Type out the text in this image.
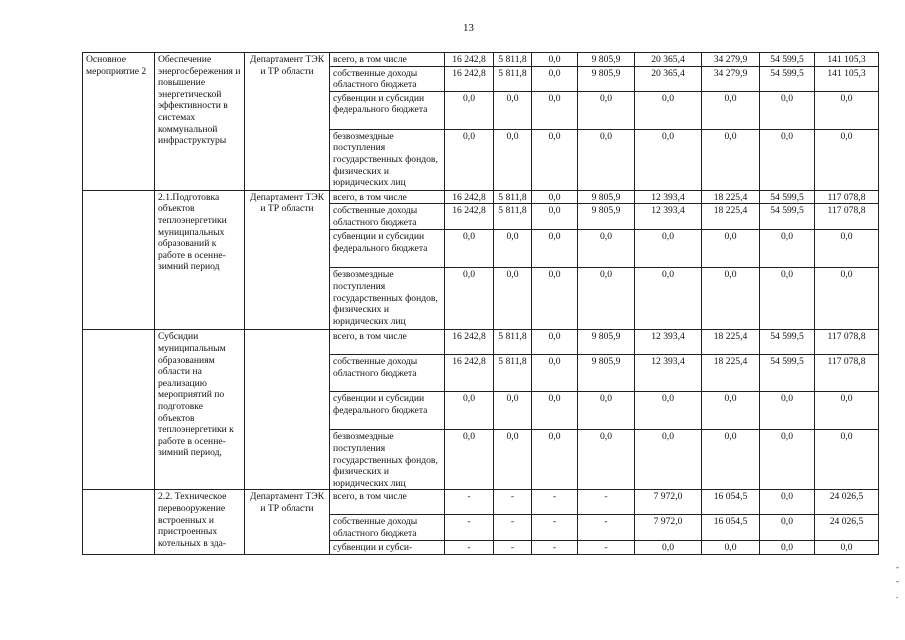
13
Основное мероприятие 2	Обеспечение энергосбережения и повышение энергетической эффективности в системах коммунальной инфраструктуры	Департамент ТЭК и ТР области	всего, в том числе	16 242,8	5 811,8	0,0	9 805,9	20 365,4	34 279,9	54 599,5	141 105,3
			собственные доходы областного бюджета	16 242,8	5 811,8	0,0	9 805,9	20 365,4	34 279,9	54 599,5	141 105,3
			субвенции и субсидии федерального бюджета	0,0	0,0	0,0	0,0	0,0	0,0	0,0	0,0
			безвозмездные поступления государственных фондов, физических и юридических лиц	0,0	0,0	0,0	0,0	0,0	0,0	0,0	0,0
	2.1.Подготовка объектов теплоэнергетики муниципальных образований к работе в осенне-зимний период	Департамент ТЭК и ТР области	всего, в том числе	16 242,8	5 811,8	0,0	9 805,9	12 393,4	18 225,4	54 599,5	117 078,8
			собственные доходы областного бюджета	16 242,8	5 811,8	0,0	9 805,9	12 393,4	18 225,4	54 599,5	117 078,8
			субвенции и субсидии федерального бюджета	0,0	0,0	0,0	0,0	0,0	0,0	0,0	0,0
			безвозмездные поступления государственных фондов, физических и юридических лиц	0,0	0,0	0,0	0,0	0,0	0,0	0,0	0,0
	Субсидии муниципальным образованиям области на реализацию мероприятий по подготовке объектов теплоэнергетики к работе в осенне-зимний период,		всего, в том числе	16 242,8	5 811,8	0,0	9 805,9	12 393,4	18 225,4	54 599,5	117 078,8
			собственные доходы областного бюджета	16 242,8	5 811,8	0,0	9 805,9	12 393,4	18 225,4	54 599,5	117 078,8
			субвенции и субсидии федерального бюджета	0,0	0,0	0,0	0,0	0,0	0,0	0,0	0,0
			безвозмездные поступления государственных фондов, физических и юридических лиц	0,0	0,0	0,0	0,0	0,0	0,0	0,0	0,0
	2.2. Техническое перевооружение встроенных и пристроенных котельных в зда-	Департамент ТЭК и ТР области	всего, в том числе	-	-	-	-	7 972,0	16 054,5	0,0	24 026,5
			собственные доходы областного бюджета	-	-	-	-	7 972,0	16 054,5	0,0	24 026,5
			субвенции и субси-	-	-	-	-	0,0	0,0	0,0	0,0
-
-
.
